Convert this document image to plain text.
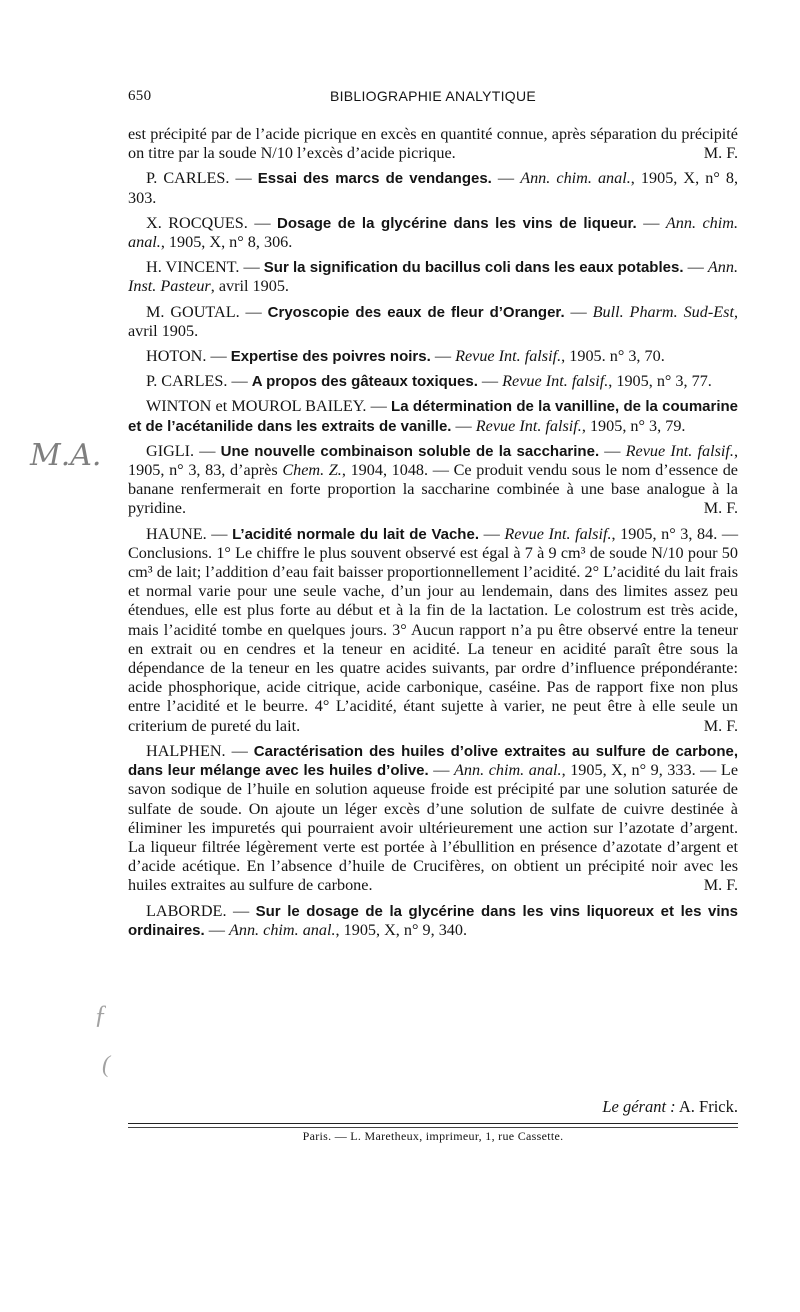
650	BIBLIOGRAPHIE ANALYTIQUE
M.A.
ƒ
(

est précipité par de l’acide picrique en excès en quantité connue, après séparation du précipité on titre par la soude N/10 l’excès d’acide picrique.	M. F.

P. CARLES. — Essai des marcs de vendanges. — Ann. chim. anal., 1905, X, n° 8, 303.

X. ROCQUES. — Dosage de la glycérine dans les vins de liqueur. — Ann. chim. anal., 1905, X, n° 8, 306.

H. VINCENT. — Sur la signification du bacillus coli dans les eaux potables. — Ann. Inst. Pasteur, avril 1905.

M. GOUTAL. — Cryoscopie des eaux de fleur d’Oranger. — Bull. Pharm. Sud-Est, avril 1905.

HOTON. — Expertise des poivres noirs. — Revue Int. falsif., 1905. n° 3, 70.

P. CARLES. — A propos des gâteaux toxiques. — Revue Int. falsif., 1905, n° 3, 77.

WINTON et MOUROL BAILEY. — La détermination de la vanilline, de la coumarine et de l’acétanilide dans les extraits de vanille. — Revue Int. falsif., 1905, n° 3, 79.

GIGLI. — Une nouvelle combinaison soluble de la saccharine. — Revue Int. falsif., 1905, n° 3, 83, d’après Chem. Z., 1904, 1048. — Ce produit vendu sous le nom d’essence de banane renfermerait en forte proportion la saccharine combinée à une base analogue à la pyridine.	M. F.

HAUNE. — L’acidité normale du lait de Vache. — Revue Int. falsif., 1905, n° 3, 84. — Conclusions. 1° Le chiffre le plus souvent observé est égal à 7 à 9 cm³ de soude N/10 pour 50 cm³ de lait; l’addition d’eau fait baisser proportionnellement l’acidité. 2° L’acidité du lait frais et normal varie pour une seule vache, d’un jour au lendemain, dans des limites assez peu étendues, elle est plus forte au début et à la fin de la lactation. Le colostrum est très acide, mais l’acidité tombe en quelques jours. 3° Aucun rapport n’a pu être observé entre la teneur en extrait ou en cendres et la teneur en acidité. La teneur en acidité paraît être sous la dépendance de la teneur en les quatre acides suivants, par ordre d’influence prépondérante: acide phosphorique, acide citrique, acide carbonique, caséine. Pas de rapport fixe non plus entre l’acidité et le beurre. 4° L’acidité, étant sujette à varier, ne peut être à elle seule un criterium de pureté du lait.	M. F.

HALPHEN. — Caractérisation des huiles d’olive extraites au sulfure de carbone, dans leur mélange avec les huiles d’olive. — Ann. chim. anal., 1905, X, n° 9, 333. — Le savon sodique de l’huile en solution aqueuse froide est précipité par une solution saturée de sulfate de soude. On ajoute un léger excès d’une solution de sulfate de cuivre destinée à éliminer les impuretés qui pourraient avoir ultérieurement une action sur l’azotate d’argent. La liqueur filtrée légèrement verte est portée à l’ébullition en présence d’azotate d’argent et d’acide acétique. En l’absence d’huile de Crucifères, on obtient un précipité noir avec les huiles extraites au sulfure de carbone.	M. F.

LABORDE. — Sur le dosage de la glycérine dans les vins liquoreux et les vins ordinaires. — Ann. chim. anal., 1905, X, n° 9, 340.

Le gérant : A. Frick.
Paris. — L. Maretheux, imprimeur, 1, rue Cassette.
